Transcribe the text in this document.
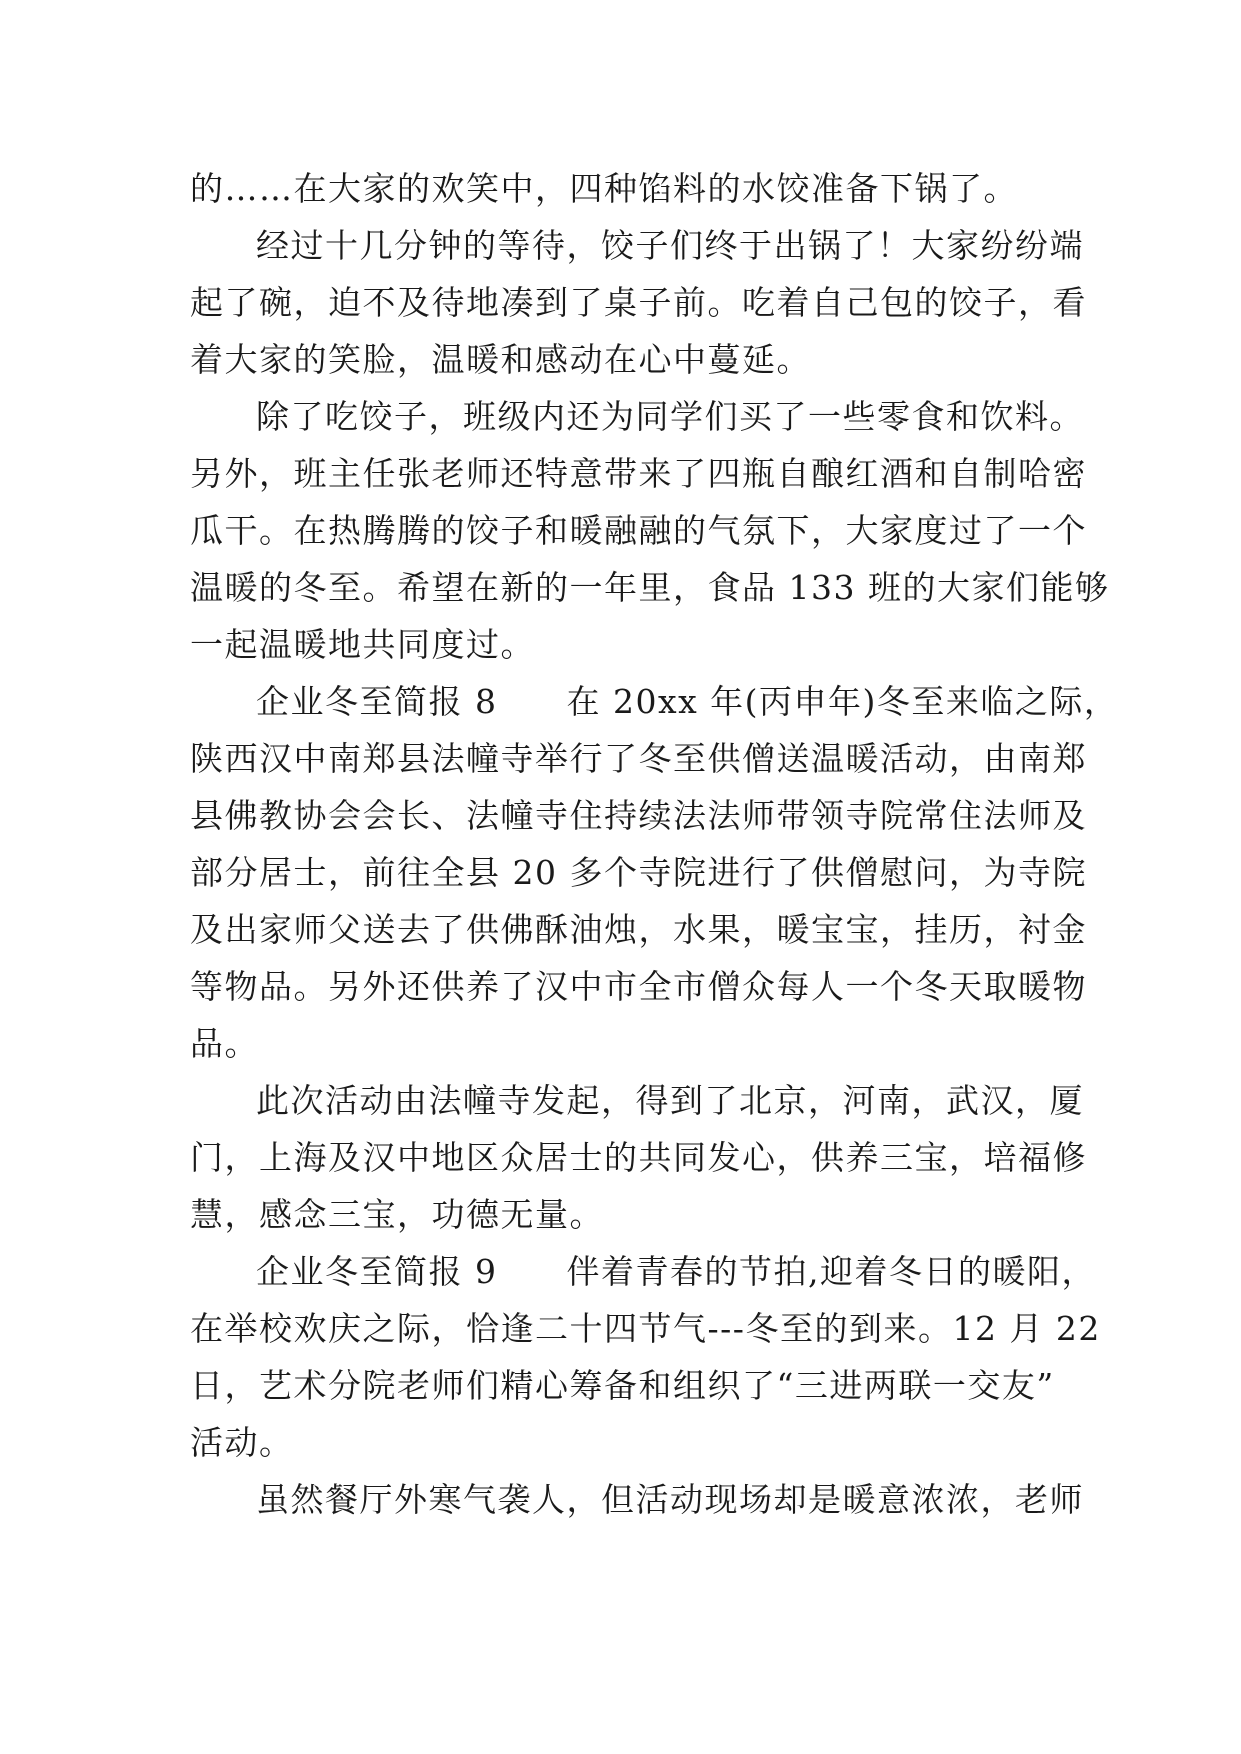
的……在大家的欢笑中，四种馅料的水饺准备下锅了。
经过十几分钟的等待，饺子们终于出锅了！大家纷纷端
起了碗，迫不及待地凑到了桌子前。吃着自己包的饺子，看
着大家的笑脸，温暖和感动在心中蔓延。
除了吃饺子，班级内还为同学们买了一些零食和饮料。
另外，班主任张老师还特意带来了四瓶自酿红酒和自制哈密
瓜干。在热腾腾的饺子和暖融融的气氛下，大家度过了一个
温暖的冬至。希望在新的一年里，食品 133 班的大家们能够
一起温暖地共同度过。
企业冬至简报 8　　在 20xx 年(丙申年)冬至来临之际，
陕西汉中南郑县法幢寺举行了冬至供僧送温暖活动，由南郑
县佛教协会会长、法幢寺住持续法法师带领寺院常住法师及
部分居士，前往全县 20 多个寺院进行了供僧慰问，为寺院
及出家师父送去了供佛酥油烛，水果，暖宝宝，挂历，衬金
等物品。另外还供养了汉中市全市僧众每人一个冬天取暖物
品。
此次活动由法幢寺发起，得到了北京，河南，武汉，厦
门，上海及汉中地区众居士的共同发心，供养三宝，培福修
慧，感念三宝，功德无量。
企业冬至简报 9　　伴着青春的节拍,迎着冬日的暖阳，
在举校欢庆之际，恰逢二十四节气---冬至的到来。12 月 22
日，艺术分院老师们精心筹备和组织了“三进两联一交友”
活动。
虽然餐厅外寒气袭人，但活动现场却是暖意浓浓，老师
